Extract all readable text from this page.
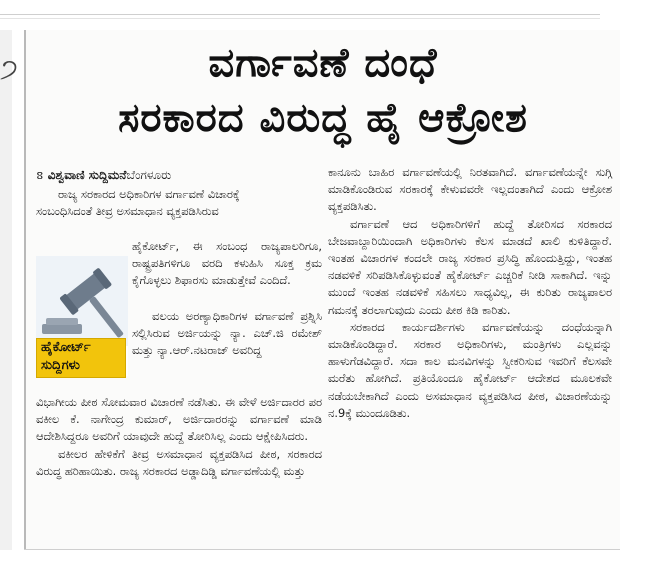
੭	ವರ್ಗಾವಣೆ ದಂಧೆ
ಸರಕಾರದ ವಿರುದ್ಧ ಹೈ ಆಕ್ರೋಶ
ៜ ವಿಶ್ವವಾಣಿ ಸುದ್ದಿಮನೆಬೆಂಗಳೂರು

ರಾಜ್ಯ ಸರಕಾರದ ಅಧಿಕಾರಿಗಳ ವರ್ಗಾವಣೆ ವಿಚಾರಕ್ಕೆ

ಸಂಬಂಧಿಸಿದಂತೆ ತೀವ್ರ ಅಸಮಾಧಾನ ವ್ಯಕ್ತಪಡಿಸಿರುವ
ಹೈಕೋರ್ಟ್
ಸುದ್ದಿಗಳು
ಹೈಕೋರ್ಟ್, ಈ ಸಂಬಂಧ ರಾಜ್ಯಪಾಲರಿಗೂ, ರಾಷ್ಟ್ರಪತಿಗಳಿಗೂ ವರದಿ ಕಳುಹಿಸಿ ಸೂಕ್ತ ಕ್ರಮ ಕೈಗೊಳ್ಳಲು ಶಿಫಾರಸು ಮಾಡುತ್ತೇವೆ ಎಂದಿದೆ.
ವಲಯ ಅರಣ್ಯಾಧಿಕಾರಿಗಳ ವರ್ಗಾವಣೆ ಪ್ರಶ್ನಿಸಿ ಸಲ್ಲಿಸಿರುವ ಅರ್ಜಿಯನ್ನು ನ್ಯಾ. ಎಚ್.ಜಿ ರಮೇಶ್ ಮತ್ತು ನ್ಯಾ.ಆರ್.ನಟರಾಜ್ ಅವರಿದ್ದ

ವಿಭಾಗೀಯ ಪೀಠ ಸೋಮವಾರ ವಿಚಾರಣೆ ನಡೆಸಿತು. ಈ ವೇಳೆ ಅರ್ಜಿದಾರರ ಪರ ವಕೀಲ ಕೆ. ನಾಗೇಂದ್ರ ಕುಮಾರ್, ಅರ್ಜಿದಾರರನ್ನು ವರ್ಗಾವಣೆ ಮಾಡಿ ಆದೇಶಿಸಿದ್ದರೂ ಅವರಿಗೆ ಯಾವುದೇ ಹುದ್ದೆ ತೋರಿಸಿಲ್ಲ ಎಂದು ಆಕ್ಷೇಪಿಸಿದರು.

ವಕೀಲರ ಹೇಳಿಕೆಗೆ ತೀವ್ರ ಅಸಮಾಧಾನ ವ್ಯಕ್ತಪಡಿಸಿದ ಪೀಠ, ಸರಕಾರದ ವಿರುದ್ಧ ಹರಿಹಾಯಿತು. ರಾಜ್ಯ ಸರಕಾರದ ಅಡ್ಡಾದಿಡ್ಡಿ ವರ್ಗಾವಣೆಯಲ್ಲಿ ಮತ್ತು

ಕಾನೂನು ಬಾಹಿರ ವರ್ಗಾವಣೆಯಲ್ಲಿ ನಿರತವಾಗಿದೆ. ವರ್ಗಾವಣೆಯನ್ನೇ ಸುಗ್ಗಿ ಮಾಡಿಕೊಂಡಿರುವ ಸರಕಾರಕ್ಕೆ ಕೇಳುವವರೇ ಇಲ್ಲದಂತಾಗಿದೆ ಎಂದು ಆಕ್ರೋಶ ವ್ಯಕ್ತಪಡಿಸಿತು.

ವರ್ಗಾವಣೆ ಆದ ಅಧಿಕಾರಿಗಳಿಗೆ ಹುದ್ದೆ ತೋರಿಸದ ಸರಕಾರದ ಬೇಜವಾಬ್ದಾರಿಯಿಂದಾಗಿ ಅಧಿಕಾರಿಗಳು ಕೆಲಸ ಮಾಡದೆ ಖಾಲಿ ಕುಳಿತಿದ್ದಾರೆ. ಇಂತಹ ವಿಚಾರಗಳ ಕಂದಲೇ ರಾಜ್ಯ ಸರಕಾರ ಪ್ರಸಿದ್ಧಿ ಹೊಂದುತ್ತಿದ್ದು, ಇಂತಹ ನಡವಳಿಕೆ ಸರಿಪಡಿಸಿಕೊಳ್ಳುವಂತೆ ಹೈಕೋರ್ಟ್ ಎಚ್ಚರಿಕೆ ನೀಡಿ ಸಾಕಾಗಿದೆ. ಇನ್ನು ಮುಂದೆ ಇಂತಹ ನಡವಳಿಕೆ ಸಹಿಸಲು ಸಾಧ್ಯವಿಲ್ಲ, ಈ ಕುರಿತು ರಾಜ್ಯಪಾಲರ ಗಮನಕ್ಕೆ ತರಲಾಗುವುದು ಎಂದು ಪೀಠ ಕಿಡಿ ಕಾರಿತು.

ಸರಕಾರದ ಕಾರ್ಯದರ್ಶಿಗಳು ವರ್ಗಾವಣೆಯನ್ನು ದಂಧೆಯನ್ನಾಗಿ ಮಾಡಿಕೊಂಡಿದ್ದಾರೆ. ಸರಕಾರ ಅಧಿಕಾರಿಗಳು, ಮಂತ್ರಿಗಳು ಎಲ್ಲವನ್ನು ಹಾಳುಗೆಡವಿದ್ದಾರೆ. ಸದಾ ಕಾಲ ಮನವಿಗಳನ್ನು ಸ್ವೀಕರಿಸುವ ಇವರಿಗೆ ಕೆಲಸವೇ ಮರೆತು ಹೋಗಿದೆ. ಪ್ರತಿಯೊಂದೂ ಹೈಕೋರ್ಟ್ ಆದೇಶದ ಮೂಲಕವೇ ನಡೆಯಬೇಕಾಗಿದೆ ಎಂದು ಅಸಮಾಧಾನ ವ್ಯಕ್ತಪಡಿಸಿದ ಪೀಠ, ವಿಚಾರಣೆಯನ್ನು ನ.9ಕ್ಕೆ ಮುಂದೂಡಿತು.
